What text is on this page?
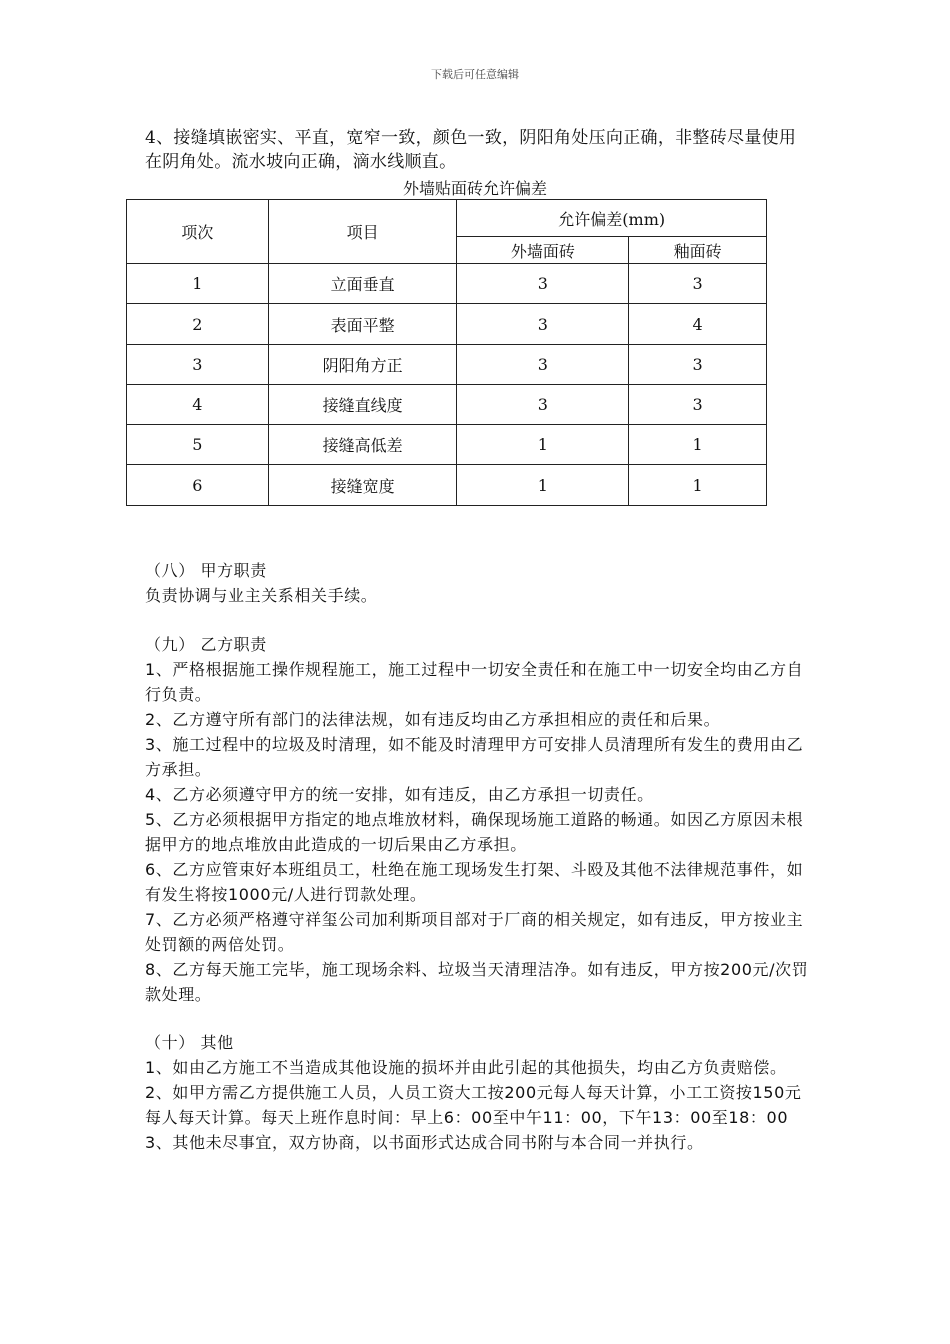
下载后可任意编辑
4、接缝填嵌密实、平直，宽窄一致，颜色一致，阴阳角处压向正确，非整砖尽量使用在阴角处。流水坡向正确，滴水线顺直。
外墙贴面砖允许偏差
项次	项目	允许偏差(mm)	
		外墙面砖	釉面砖
1	立面垂直	3	3
2	表面平整	3	4
3	阴阳角方正	3	3
4	接缝直线度	3	3
5	接缝高低差	1	1
6	接缝宽度	1	1

（八） 甲方职责

负责协调与业主关系相关手续。

（九） 乙方职责

1、严格根据施工操作规程施工，施工过程中一切安全责任和在施工中一切安全均由乙方自行负责。

2、乙方遵守所有部门的法律法规，如有违反均由乙方承担相应的责任和后果。

3、施工过程中的垃圾及时清理，如不能及时清理甲方可安排人员清理所有发生的费用由乙方承担。

4、乙方必须遵守甲方的统一安排，如有违反，由乙方承担一切责任。

5、乙方必须根据甲方指定的地点堆放材料，确保现场施工道路的畅通。如因乙方原因未根据甲方的地点堆放由此造成的一切后果由乙方承担。

6、乙方应管束好本班组员工，杜绝在施工现场发生打架、斗殴及其他不法律规范事件，如有发生将按1000元/人进行罚款处理。

7、乙方必须严格遵守祥玺公司加利斯项目部对于厂商的相关规定，如有违反，甲方按业主处罚额的两倍处罚。

8、乙方每天施工完毕，施工现场余料、垃圾当天清理洁净。如有违反，甲方按200元/次罚款处理。

（十） 其他

1、如由乙方施工不当造成其他设施的损坏并由此引起的其他损失，均由乙方负责赔偿。

2、如甲方需乙方提供施工人员，人员工资大工按200元每人每天计算，小工工资按150元每人每天计算。每天上班作息时间：早上6：00至中午11：00，下午13：00至18：00

3、其他未尽事宜，双方协商，以书面形式达成合同书附与本合同一并执行。
